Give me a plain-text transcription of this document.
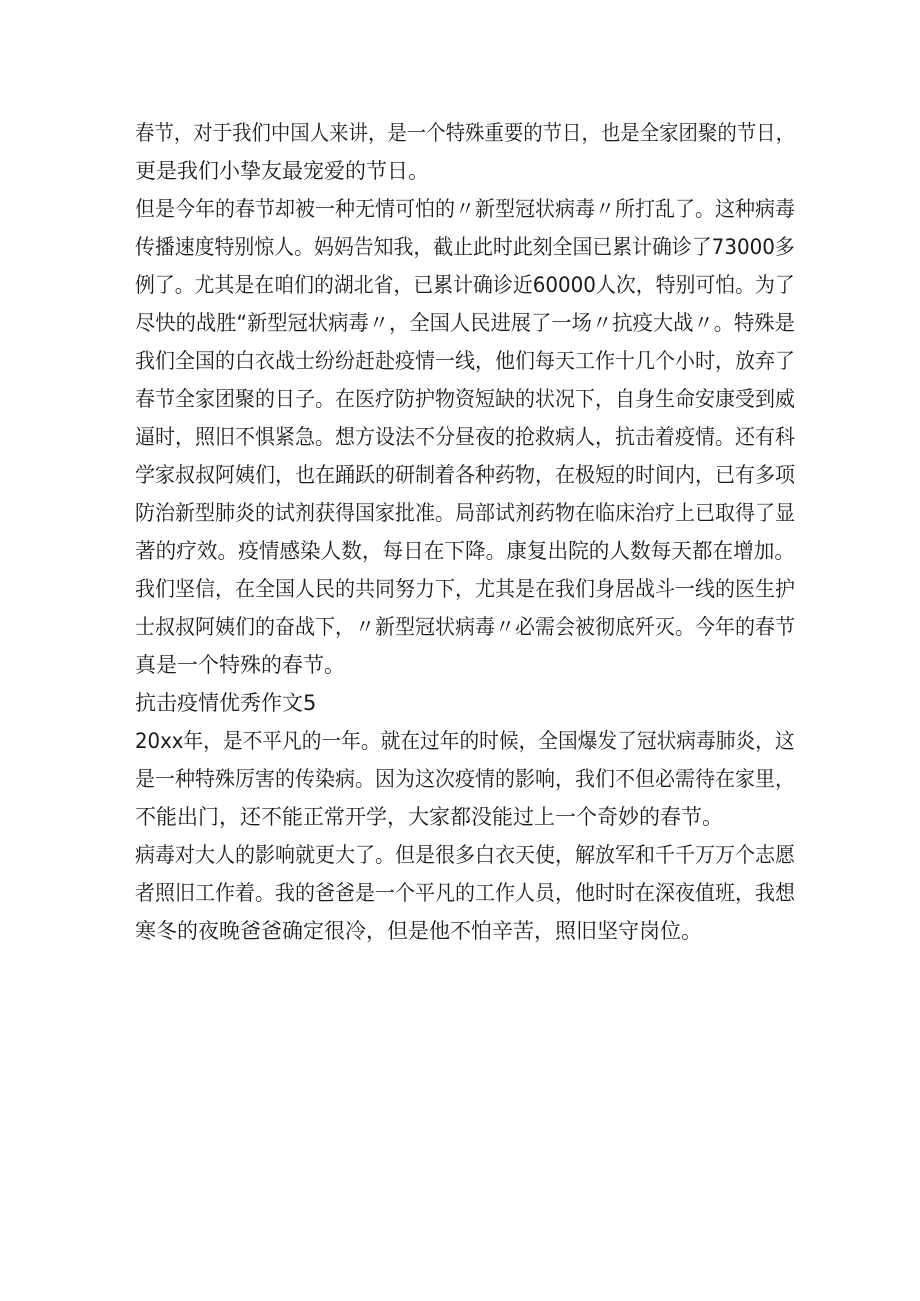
春节，对于我们中国人来讲，是一个特殊重要的节日，也是全家团聚的节日，
更是我们小挚友最宠爱的节日。
但是今年的春节却被一种无情可怕的〃新型冠状病毒〃所打乱了。这种病毒
传播速度特别惊人。妈妈告知我，截止此时此刻全国已累计确诊了73000多
例了。尤其是在咱们的湖北省，已累计确诊近60000人次，特别可怕。为了
尽快的战胜“新型冠状病毒〃，全国人民进展了一场〃抗疫大战〃。特殊是
我们全国的白衣战士纷纷赶赴疫情一线，他们每天工作十几个小时，放弃了
春节全家团聚的日子。在医疗防护物资短缺的状况下，自身生命安康受到威
逼时，照旧不惧紧急。想方设法不分昼夜的抢救病人，抗击着疫情。还有科
学家叔叔阿姨们，也在踊跃的研制着各种药物，在极短的时间内，已有多项
防治新型肺炎的试剂获得国家批准。局部试剂药物在临床治疗上已取得了显
著的疗效。疫情感染人数，每日在下降。康复出院的人数每天都在增加。
我们坚信，在全国人民的共同努力下，尤其是在我们身居战斗一线的医生护
士叔叔阿姨们的奋战下，〃新型冠状病毒〃必需会被彻底歼灭。今年的春节
真是一个特殊的春节。
抗击疫情优秀作文5
20xx年，是不平凡的一年。就在过年的时候，全国爆发了冠状病毒肺炎，这
是一种特殊厉害的传染病。因为这次疫情的影响，我们不但必需待在家里，
不能出门，还不能正常开学，大家都没能过上一个奇妙的春节。
病毒对大人的影响就更大了。但是很多白衣天使，解放军和千千万万个志愿
者照旧工作着。我的爸爸是一个平凡的工作人员，他时时在深夜值班，我想
寒冬的夜晚爸爸确定很冷，但是他不怕辛苦，照旧坚守岗位。
